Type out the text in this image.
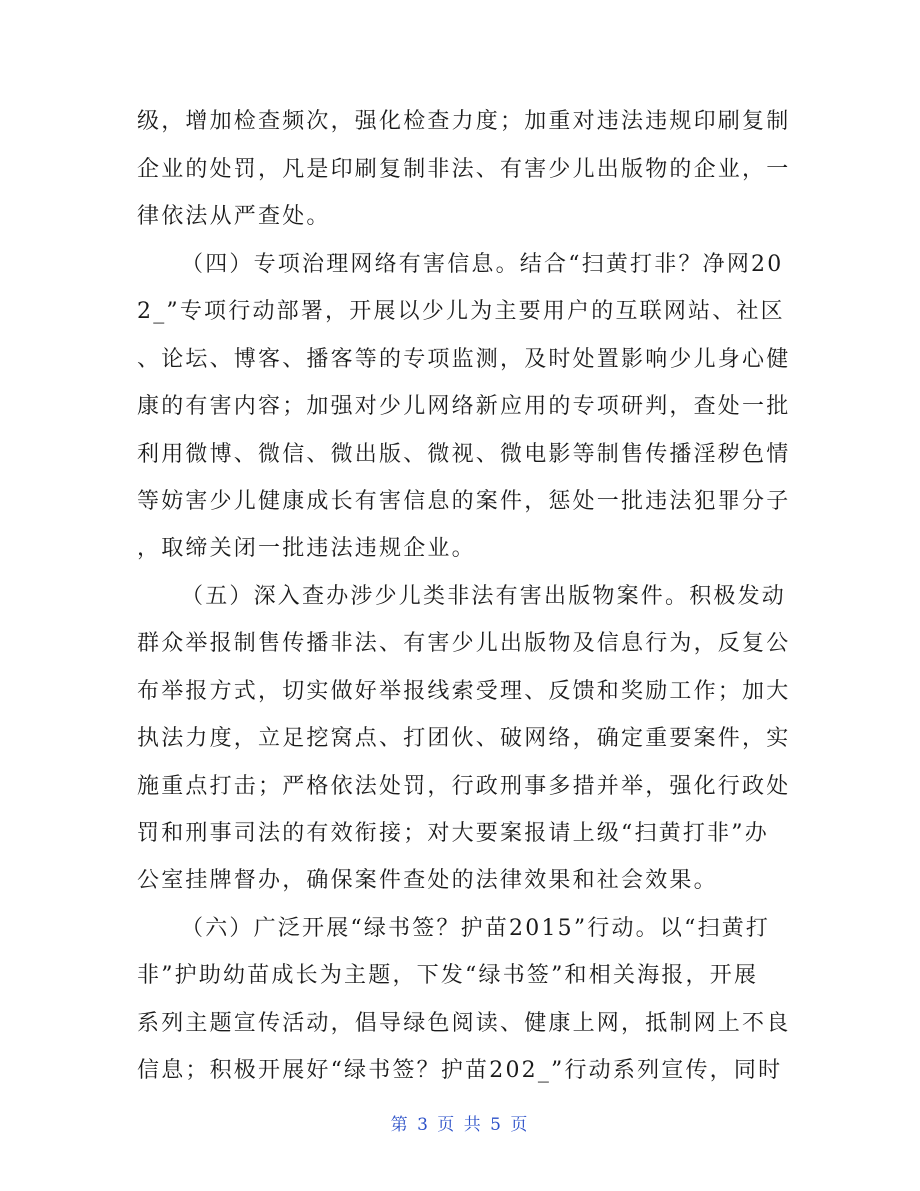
级，增加检查频次，强化检查力度；加重对违法违规印刷复制
企业的处罚，凡是印刷复制非法、有害少儿出版物的企业，一
律依法从严查处。
（四）专项治理网络有害信息。结合“扫黄打非？净网20
2_”专项行动部署，开展以少儿为主要用户的互联网站、社区
、论坛、博客、播客等的专项监测，及时处置影响少儿身心健
康的有害内容；加强对少儿网络新应用的专项研判，查处一批
利用微博、微信、微出版、微视、微电影等制售传播淫秽色情
等妨害少儿健康成长有害信息的案件，惩处一批违法犯罪分子
，取缔关闭一批违法违规企业。
（五）深入查办涉少儿类非法有害出版物案件。积极发动
群众举报制售传播非法、有害少儿出版物及信息行为，反复公
布举报方式，切实做好举报线索受理、反馈和奖励工作；加大
执法力度，立足挖窝点、打团伙、破网络，确定重要案件，实
施重点打击；严格依法处罚，行政刑事多措并举，强化行政处
罚和刑事司法的有效衔接；对大要案报请上级“扫黄打非”办
公室挂牌督办，确保案件查处的法律效果和社会效果。
（六）广泛开展“绿书签？护苗2015”行动。以“扫黄打
非”护助幼苗成长为主题，下发“绿书签”和相关海报，开展
系列主题宣传活动，倡导绿色阅读、健康上网，抵制网上不良
信息；积极开展好“绿书签？护苗202_”行动系列宣传，同时
第 3 页 共 5 页
